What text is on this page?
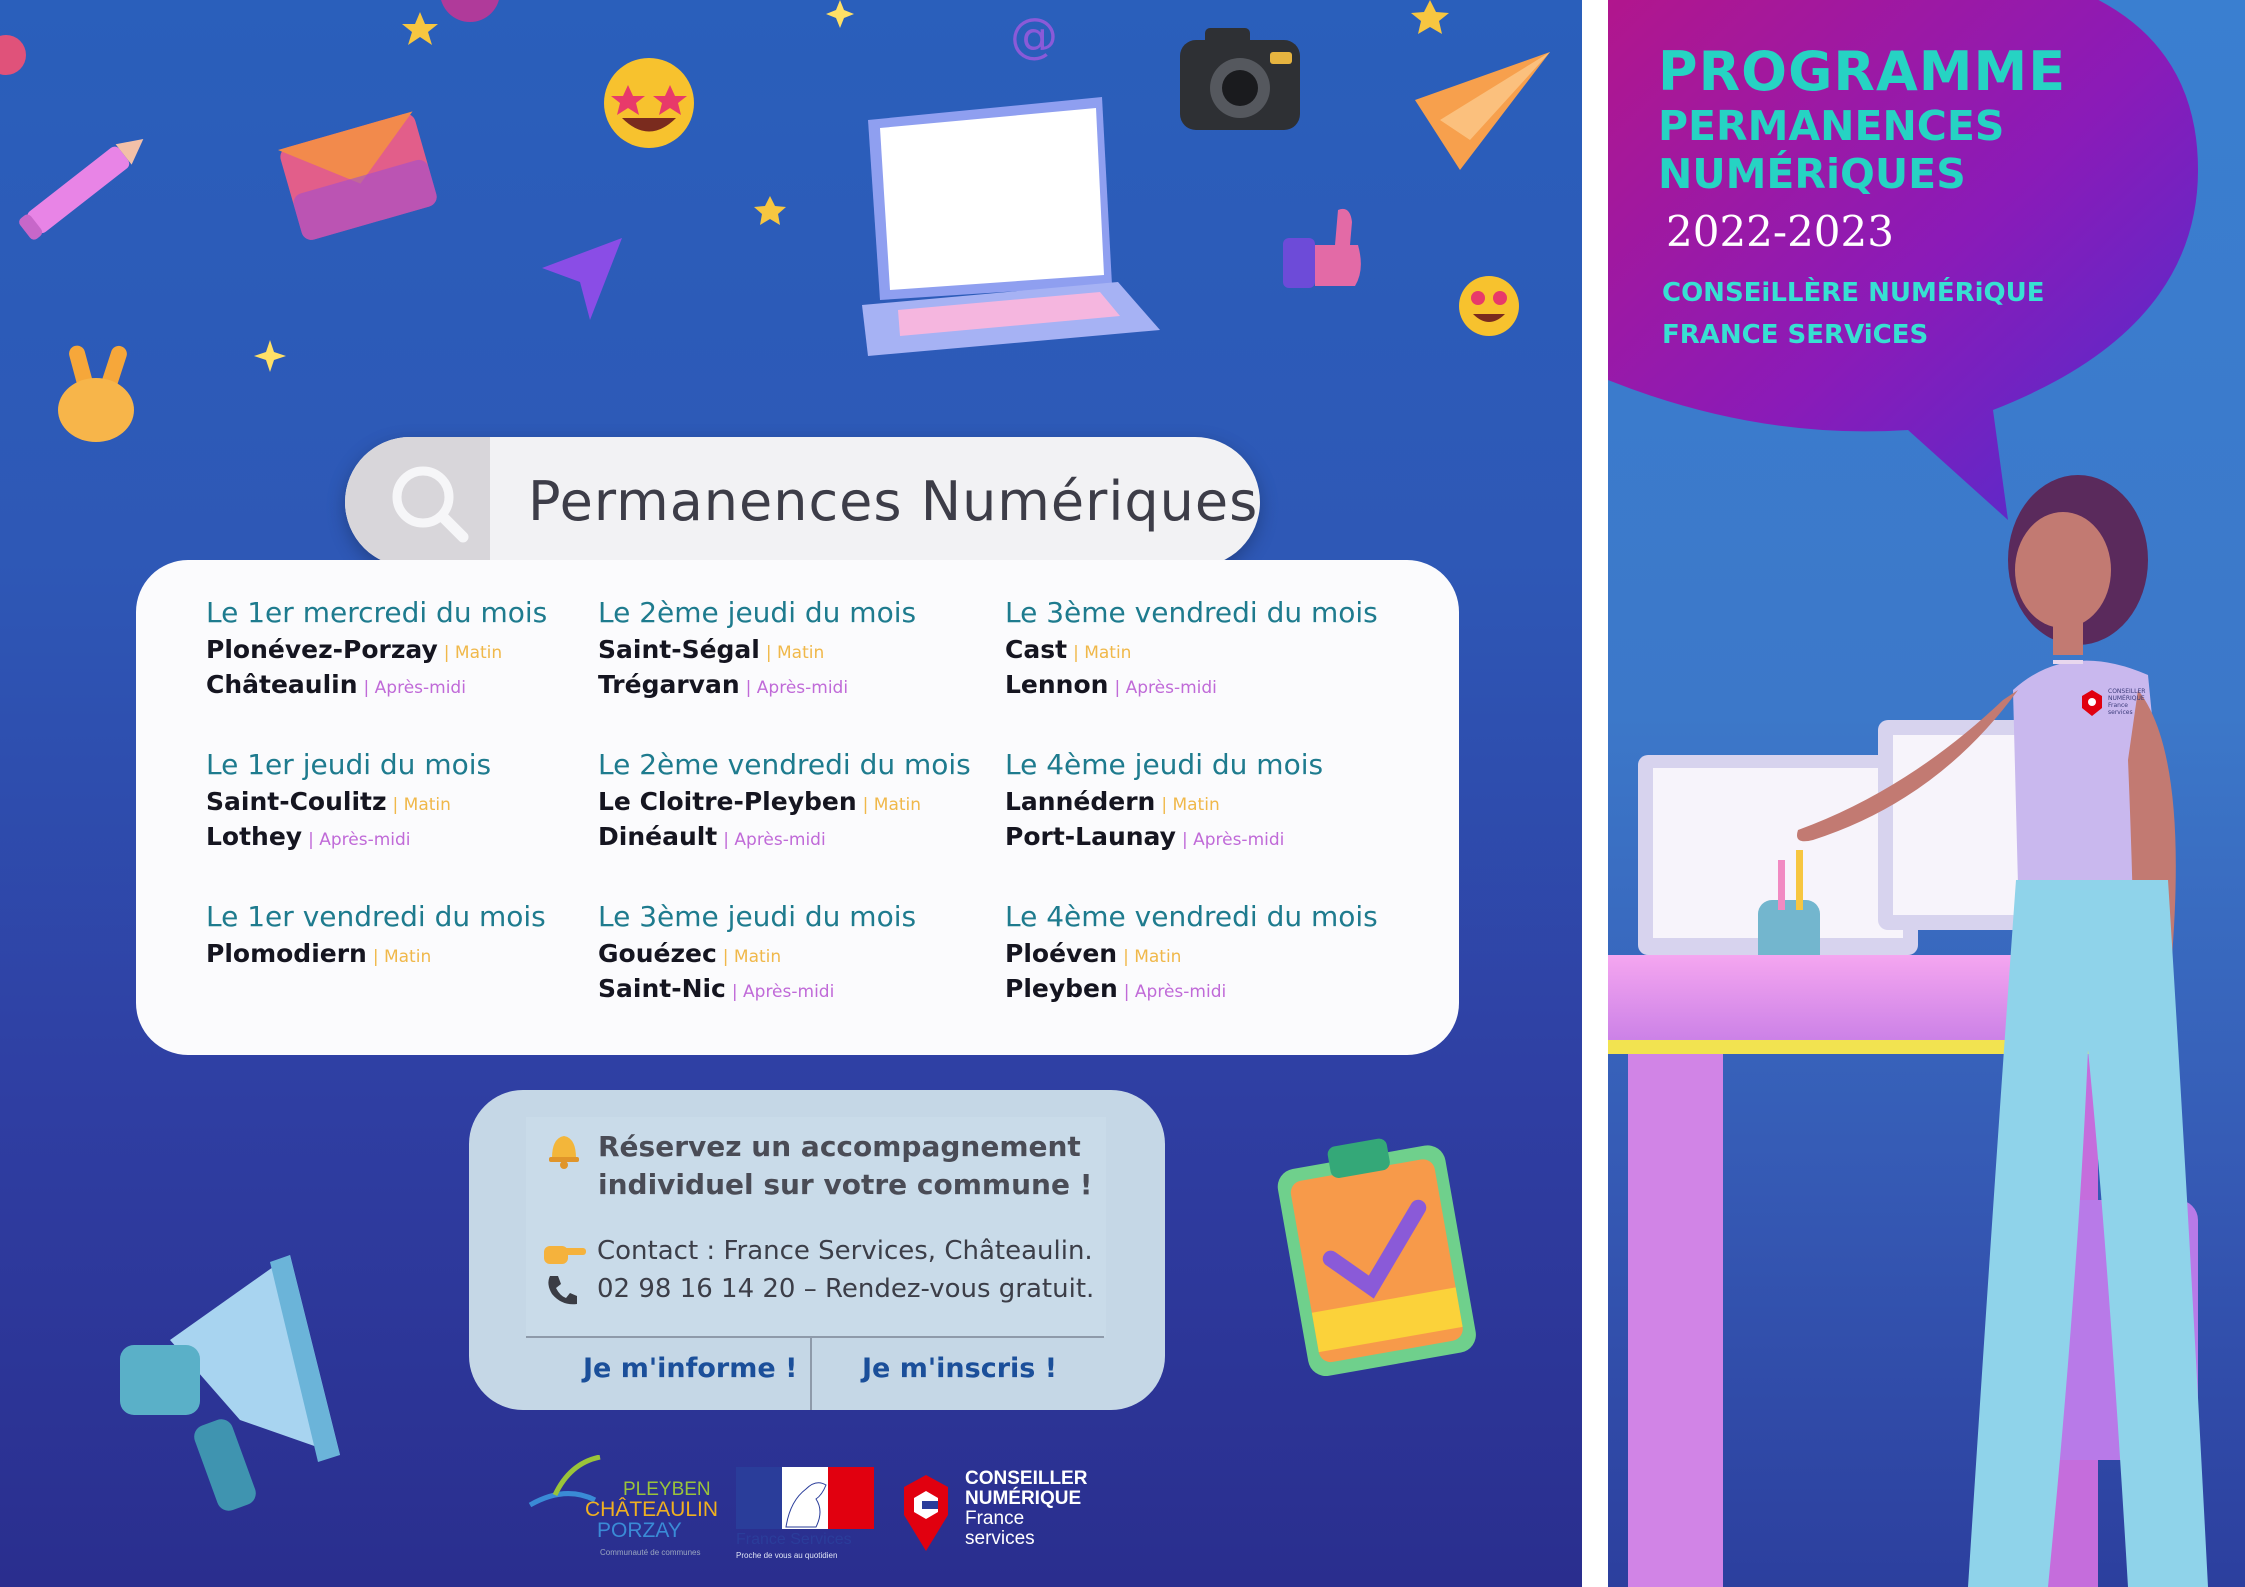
@
Permanences Numériques
Le 1er mercredi du mois
Plonévez-Porzay | Matin
Châteaulin | Après-midi
Le 1er jeudi du mois
Saint-Coulitz | Matin
Lothey | Après-midi
Le 1er vendredi du mois
Plomodiern | Matin
Le 2ème jeudi du mois
Saint-Ségal | Matin
Trégarvan | Après-midi
Le 2ème vendredi du mois
Le Cloitre-Pleyben | Matin
Dinéault | Après-midi
Le 3ème jeudi du mois
Gouézec | Matin
Saint-Nic | Après-midi
Le 3ème vendredi du mois
Cast | Matin
Lennon | Après-midi
Le 4ème jeudi du mois
Lannédern | Matin
Port-Launay | Après-midi
Le 4ème vendredi du mois
Ploéven | Matin
Pleyben | Après-midi
Réservez un accompagnement
individuel sur votre commune !
Contact : France Services, Châteaulin.
02 98 16 14 20 – Rendez-vous gratuit.
Je m'informe ! Je m'inscris !
PLEYBEN
CHÂTEAULIN
PORZAY
Communauté de communes
France Services
Proche de vous au quotidien
CONSEILLER
NUMÉRIQUE
France
services
CONSEILLER
NUMÉRIQUE
France
services
PROGRAMME
PERMANENCES
NUMÉRiQUES
2022-2023
CONSEiLLÈRE NUMÉRiQUE
FRANCE SERViCES
